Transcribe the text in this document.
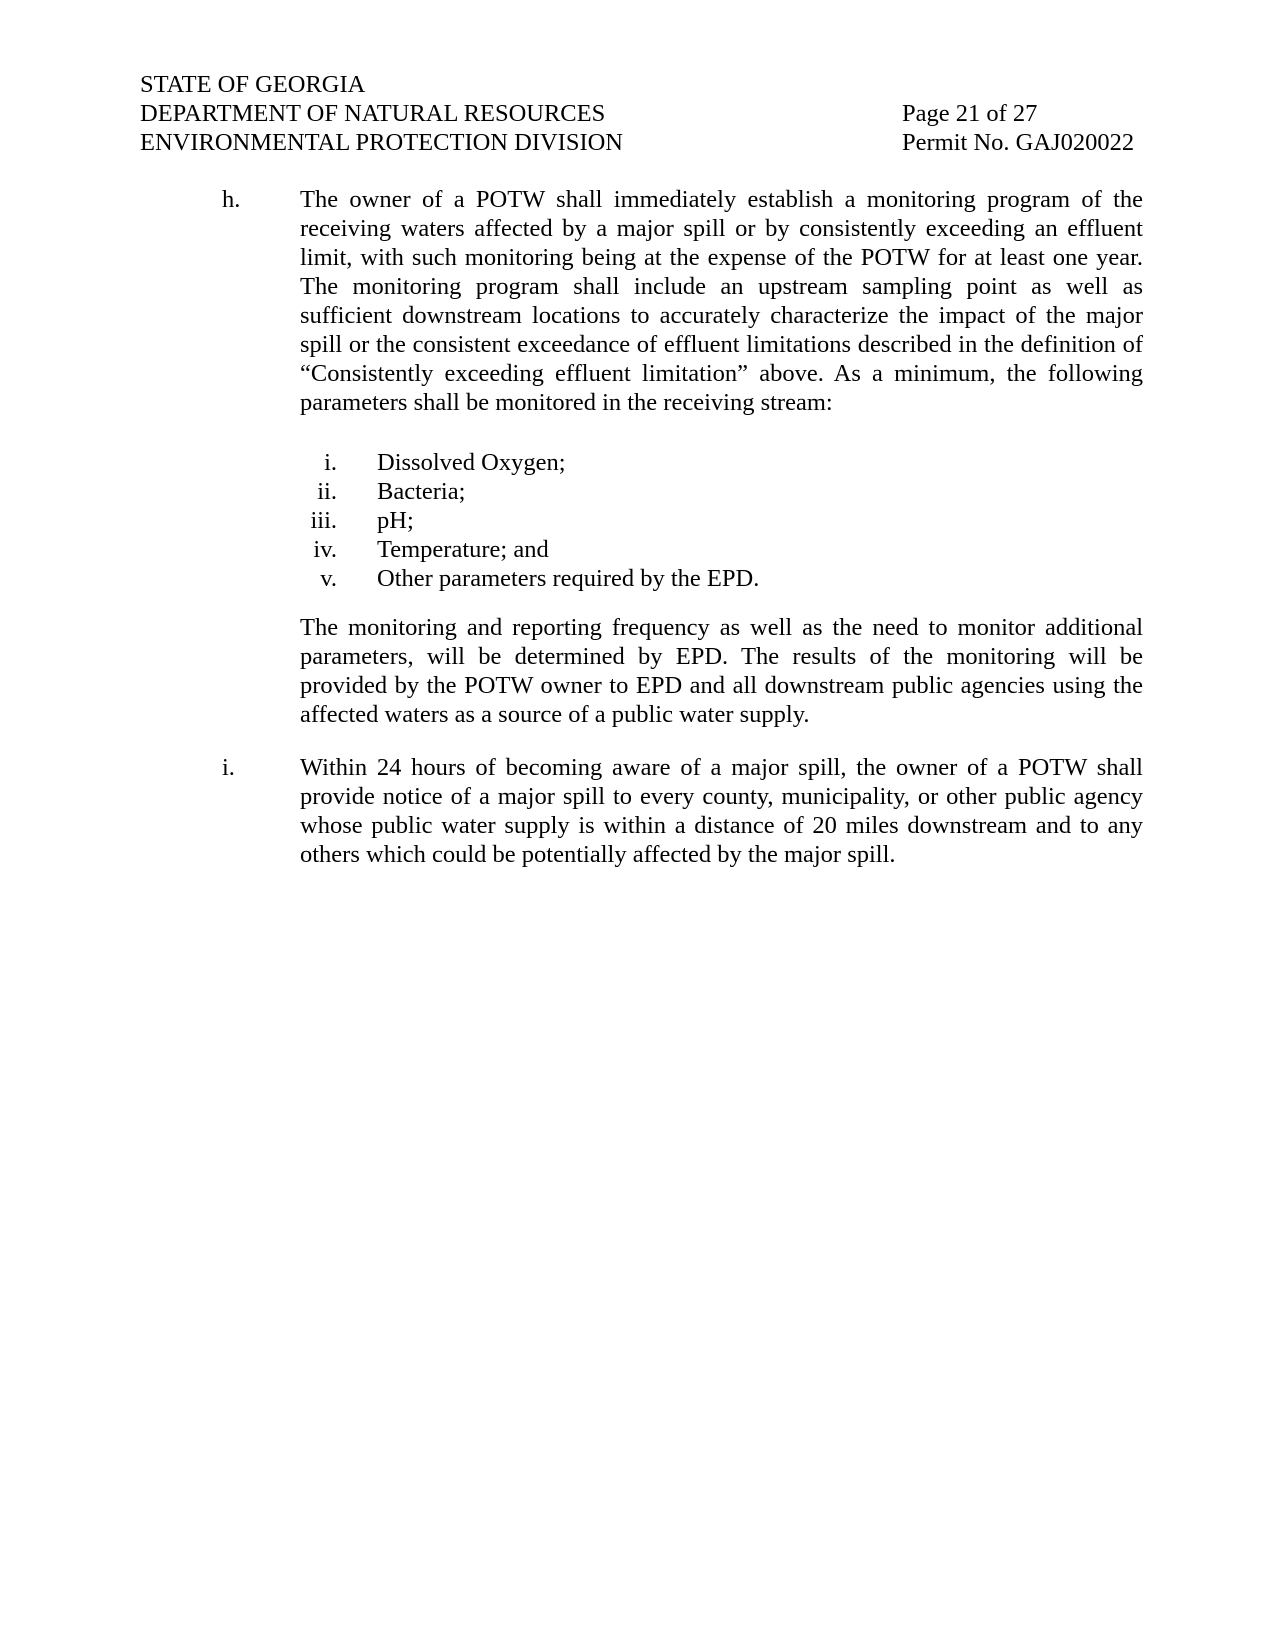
STATE OF GEORGIA
DEPARTMENT OF NATURAL RESOURCES
ENVIRONMENTAL PROTECTION DIVISION
Page 21 of 27
Permit No. GAJ020022
h.	The owner of a POTW shall immediately establish a monitoring program of the receiving waters affected by a major spill or by consistently exceeding an effluent limit, with such monitoring being at the expense of the POTW for at least one year. The monitoring program shall include an upstream sampling point as well as sufficient downstream locations to accurately characterize the impact of the major spill or the consistent exceedance of effluent limitations described in the definition of “Consistently exceeding effluent limitation” above. As a minimum, the following parameters shall be monitored in the receiving stream:

i. Dissolved Oxygen;
ii. Bacteria;
iii. pH;
iv. Temperature; and
v. Other parameters required by the EPD.

The monitoring and reporting frequency as well as the need to monitor additional parameters, will be determined by EPD. The results of the monitoring will be provided by the POTW owner to EPD and all downstream public agencies using the affected waters as a source of a public water supply.

i.	Within 24 hours of becoming aware of a major spill, the owner of a POTW shall provide notice of a major spill to every county, municipality, or other public agency whose public water supply is within a distance of 20 miles downstream and to any others which could be potentially affected by the major spill.
